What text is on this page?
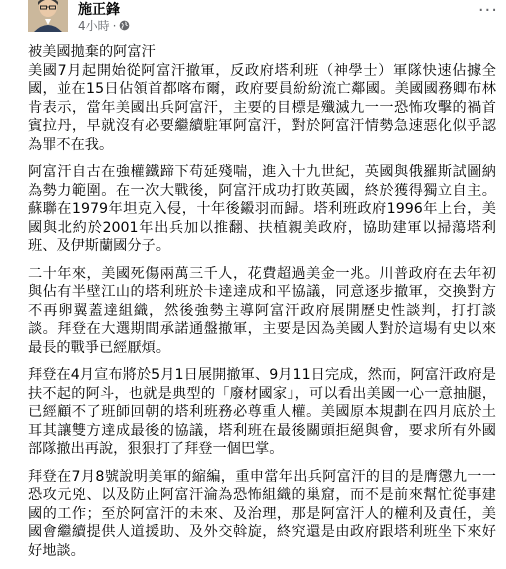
施正鋒
4小時 ·
···

被美國拋棄的阿富汗

美國7月起開始從阿富汗撤軍，反政府塔利班（神學士）軍隊快速佔據全國，並在15日佔領首都喀布爾，政府要員紛紛流亡鄰國。美國國務卿布林肯表示，當年美國出兵阿富汗，主要的目標是殲滅九一一恐怖攻擊的禍首賓拉丹，早就沒有必要繼續駐軍阿富汗，對於阿富汗情勢急速惡化似乎認為罪不在我。

阿富汗自古在強權鐵蹄下苟延殘喘，進入十九世紀，英國與俄羅斯試圖納為勢力範圍。在一次大戰後，阿富汗成功打敗英國，終於獲得獨立自主。蘇聯在1979年坦克入侵，十年後鎩羽而歸。塔利班政府1996年上台，美國與北約於2001年出兵加以推翻、扶植親美政府，協助建軍以掃蕩塔利班、及伊斯蘭國分子。

二十年來，美國死傷兩萬三千人，花費超過美金一兆。川普政府在去年初與佔有半壁江山的塔利班於卡達達成和平協議，同意逐步撤軍，交換對方不再卵翼蓋達組織，然後強勢主導阿富汗政府展開歷史性談判，打打談談。拜登在大選期間承諾通盤撤軍，主要是因為美國人對於這場有史以來最長的戰爭已經厭煩。

拜登在4月宣布將於5月1日展開撤軍、9月11日完成，然而，阿富汗政府是扶不起的阿斗，也就是典型的「廢材國家」，可以看出美國一心一意抽腿，已經顧不了班師回朝的塔利班務必尊重人權。美國原本規劃在四月底於土耳其讓雙方達成最後的協議，塔利班在最後關頭拒絕與會，要求所有外國部隊撤出再說，狠狠打了拜登一個巴掌。

拜登在7月8號說明美軍的縮編，重申當年出兵阿富汗的目的是膺懲九一一恐攻元兇、以及防止阿富汗淪為恐怖組織的巢窟，而不是前來幫忙從事建國的工作；至於阿富汗的未來、及治理，那是阿富汗人的權利及責任，美國會繼續提供人道援助、及外交斡旋，終究還是由政府跟塔利班坐下來好好地談。
